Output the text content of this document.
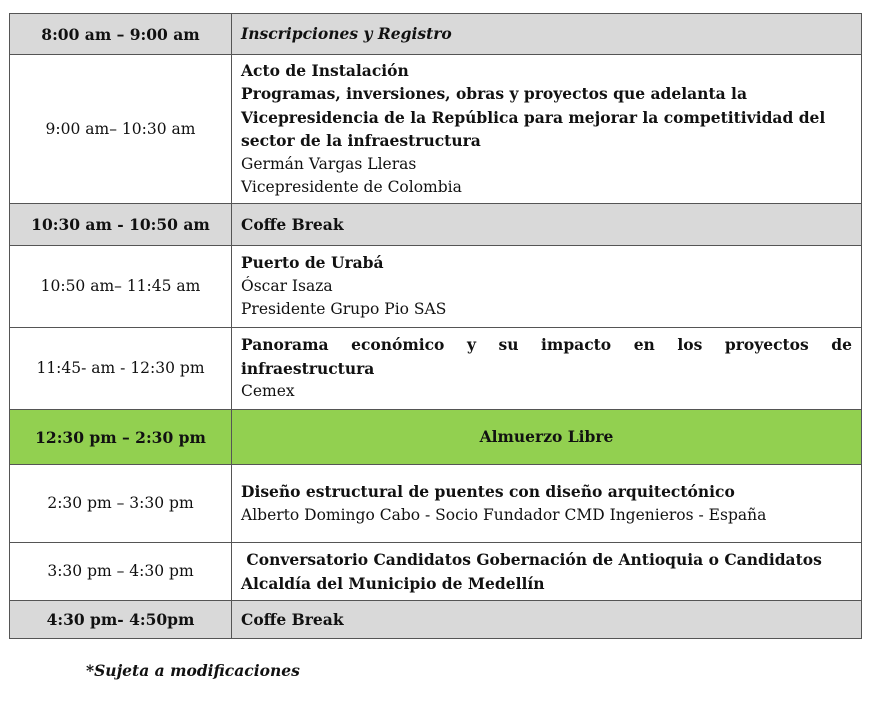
8:00 am – 9:00 am	Inscripciones y Registro

9:00 am– 10:30 am	Acto de Instalación
Programas, inversiones, obras y proyectos que adelanta la Vicepresidencia de la República para mejorar la competitividad del sector de la infraestructura
Germán Vargas Lleras
Vicepresidente de Colombia

10:30 am - 10:50 am	Coffe Break

10:50 am– 11:45 am	Puerto de Urabá
Óscar Isaza
Presidente Grupo Pio SAS

11:45- am - 12:30 pm	Panorama económico y su impacto en los proyectos de infraestructura
Cemex

12:30 pm – 2:30 pm	Almuerzo Libre

2:30 pm – 3:30 pm	Diseño estructural de puentes con diseño arquitectónico
Alberto Domingo Cabo - Socio Fundador CMD Ingenieros - España

3:30 pm – 4:30 pm	Conversatorio Candidatos Gobernación de Antioquia o Candidatos Alcaldía del Municipio de Medellín

4:30 pm- 4:50pm	Coffe Break
*Sujeta a modificaciones
